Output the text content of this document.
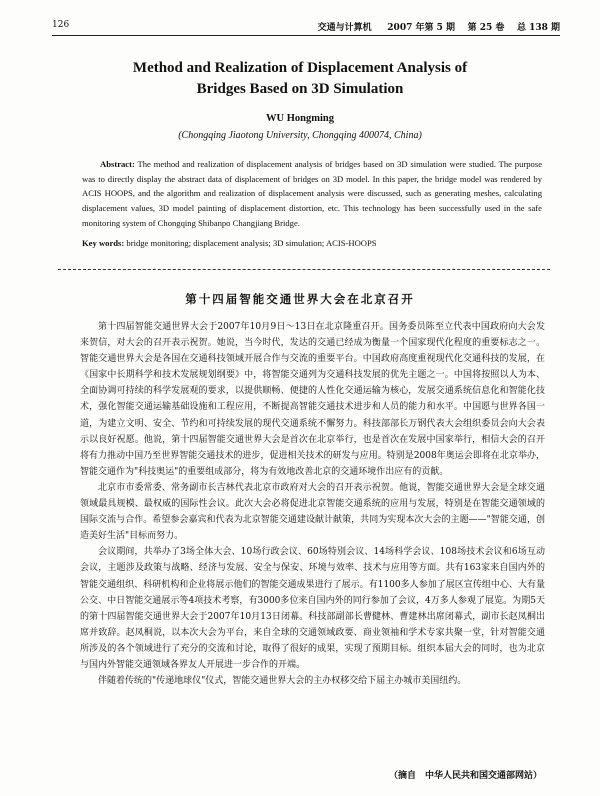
126	交通与计算机 2007 年第 5 期 第 25 卷 总 138 期
Method and Realization of Displacement Analysis of
Bridges Based on 3D Simulation
WU Hongming
(Chongqing Jiaotong University, Chongqing 400074, China)
Abstract: The method and realization of displacement analysis of bridges based on 3D simulation were studied. The purpose was to directly display the abstract data of displacement of bridges on 3D model. In this paper, the bridge model was rendered by ACIS HOOPS, and the algorithm and realization of displacement analysis were discussed, such as generating meshes, calculating displacement values, 3D model painting of displacement distortion, etc. This technology has been successfully used in the safe monitoring system of Chongqing Shibanpo Changjiang Bridge.
Key words: bridge monitoring; displacement analysis; 3D simulation; ACIS-HOOPS
第十四届智能交通世界大会在北京召开

第十四届智能交通世界大会于2007年10月9日～13日在北京隆重召开。国务委员陈至立代表中国政府向大会发来贺信，对大会的召开表示祝贺。她说，当今时代，发达的交通已经成为衡量一个国家现代化程度的重要标志之一。智能交通世界大会是各国在交通科技领域开展合作与交流的重要平台。中国政府高度重视现代化交通科技的发展，在《国家中长期科学和技术发展规划纲要》中，将智能交通列为交通科技发展的优先主题之一。中国将按照以人为本、全面协调可持续的科学发展观的要求，以提供顺畅、便捷的人性化交通运输为核心，发展交通系统信息化和智能化技术，强化智能交通运输基础设施和工程应用，不断提高智能交通技术进步和人员的能力和水平。中国愿与世界各国一道，为建立文明、安全、节约和可持续发展的现代交通系统不懈努力。科技部部长万钢代表大会组织委员会向大会表示以良好祝愿。他说，第十四届智能交通世界大会是首次在北京举行，也是首次在发展中国家举行，相信大会的召开将有力推动中国乃至世界智能交通技术的进步，促进相关技术的研发与应用。特别是2008年奥运会即将在北京举办，智能交通作为"科技奥运"的重要组成部分，将为有效地改善北京的交通环境作出应有的贡献。

北京市市委常委、常务副市长吉林代表北京市政府对大会的召开表示祝贺。他说，智能交通世界大会是全球交通领域最具规模、最权威的国际性会议。此次大会必将促进北京智能交通系统的应用与发展，特别是在智能交通领域的国际交流与合作。希望参会嘉宾和代表为北京智能交通建设献计献策，共同为实现本次大会的主题——"智能交通，创造美好生活"目标而努力。

会议期间，共举办了3场全体大会、10场行政会议、60场特别会议、14场科学会议、108场技术会议和6场互动会议，主题涉及政策与战略、经济与发展、安全与保安、环境与效率、技术与应用等方面。共有163家来自国内外的智能交通组织、科研机构和企业将展示他们的智能交通成果进行了展示。有1100多人参加了展区宣传组中心、大有量公交、中日智能交通展示等4项技术考察，有3000多位来自国内外的同行参加了会议，4万多人参观了展览。为期5天的第十四届智能交通世界大会于2007年10月13日闭幕。科技部副部长曹健林、曹建林出席闭幕式，副市长赵凤桐出席并致辞。赵凤桐说，以本次大会为平台，来自全球的交通领域政要、商业领袖和学术专家共聚一堂，针对智能交通所涉及的各个领域进行了充分的交流和讨论，取得了很好的成果，实现了预期目标。组织本届大会的同时，也为北京与国内外智能交通领域各界友人开展进一步合作的开端。

伴随着传统的"传递地球仪"仪式，智能交通世界大会的主办权移交给下届主办城市美国纽约。

（摘自　中华人民共和国交通部网站）
